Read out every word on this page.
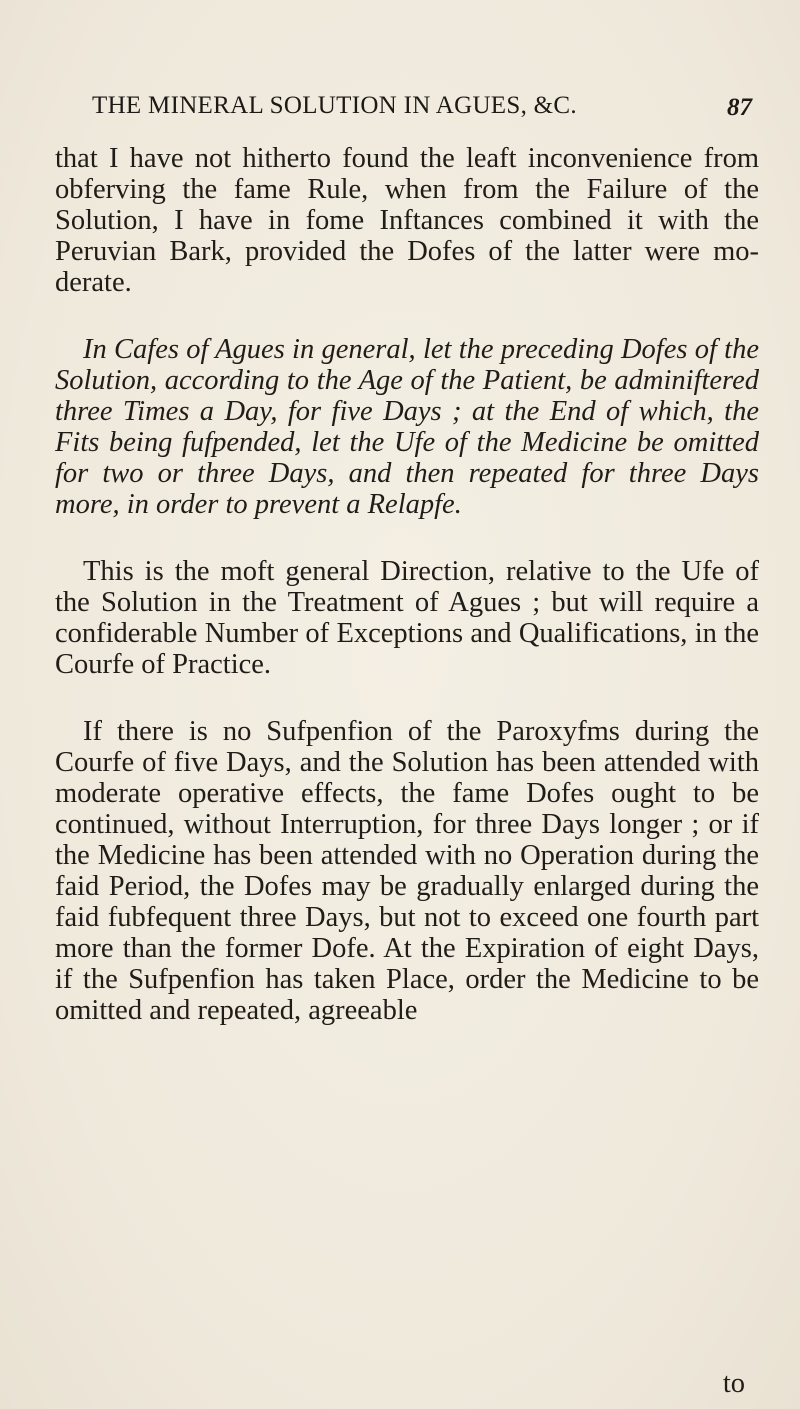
THE MINERAL SOLUTION IN AGUES, &C.	87

that I have not hitherto found the leaft inconvenience from obferving the fame Rule, when from the Failure of the Solution, I have in fome Inftances combined it with the Peruvian Bark, provided the Dofes of the latter were moderate.

In Cafes of Agues in general, let the preceding Dofes of the Solution, according to the Age of the Patient, be adminiftered three Times a Day, for five Days ; at the End of which, the Fits being fufpended, let the Ufe of the Medicine be omitted for two or three Days, and then repeated for three Days more, in order to prevent a Relapfe.

This is the moft general Direction, relative to the Ufe of the Solution in the Treatment of Agues ; but will require a confiderable Number of Exceptions and Qualifications, in the Courfe of Practice.

If there is no Sufpenfion of the Paroxyfms during the Courfe of five Days, and the Solution has been attended with moderate operative effects, the fame Dofes ought to be continued, without Interruption, for three Days longer ; or if the Medicine has been attended with no Operation during the faid Period, the Dofes may be gradually enlarged during the faid fubfequent three Days, but not to exceed one fourth part more than the former Dofe. At the Expiration of eight Days, if the Sufpenfion has taken Place, order the Medicine to be omitted and repeated, agreeable

to
